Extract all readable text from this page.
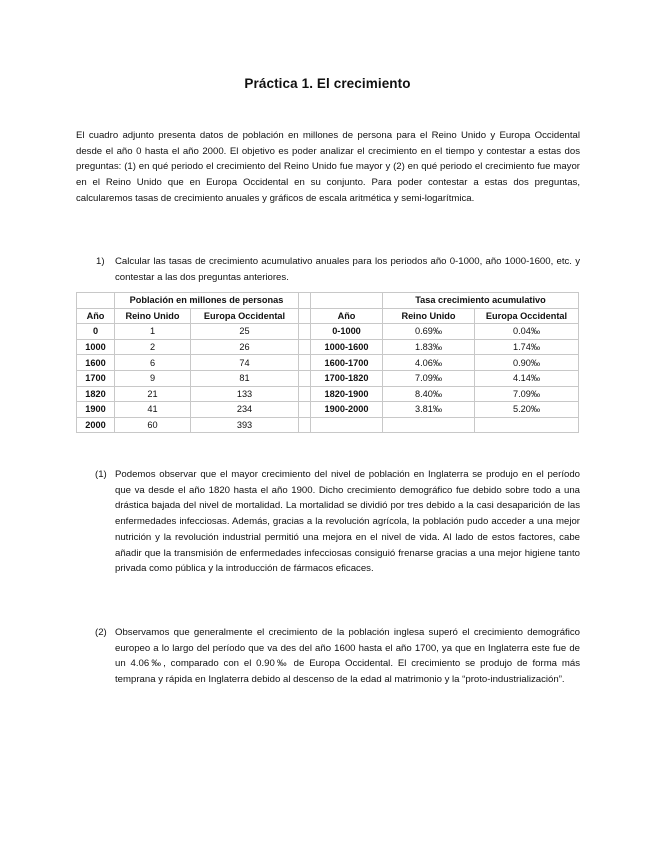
Práctica 1. El crecimiento
El cuadro adjunto presenta datos de población en millones de persona para el Reino Unido y Europa Occidental desde el año 0 hasta el año 2000. El objetivo es poder analizar el crecimiento en el tiempo y contestar a estas dos preguntas: (1) en qué periodo el crecimiento del Reino Unido fue mayor y (2) en qué periodo el crecimiento fue mayor en el Reino Unido que en Europa Occidental en su conjunto. Para poder contestar a estas dos preguntas, calcularemos tasas de crecimiento anuales y gráficos de escala aritmética y semi-logarítmica.
1)	Calcular las tasas de crecimiento acumulativo anuales para los periodos año 0-1000, año 1000-1600, etc. y contestar a las dos preguntas anteriores.
	Población en millones de personas				Tasa crecimiento acumulativo	
Año	Reino Unido	Europa Occidental		Año	Reino Unido	Europa Occidental
0	1	25		0-1000	0.69‰	0.04‰
1000	2	26		1000-1600	1.83‰	1.74‰
1600	6	74		1600-1700	4.06‰	0.90‰
1700	9	81		1700-1820	7.09‰	4.14‰
1820	21	133		1820-1900	8.40‰	7.09‰
1900	41	234		1900-2000	3.81‰	5.20‰
2000	60	393				
(1) Podemos observar que el mayor crecimiento del nivel de población en Inglaterra se produjo en el período que va desde el año 1820 hasta el año 1900. Dicho crecimiento demográfico fue debido sobre todo a una drástica bajada del nivel de mortalidad. La mortalidad se dividió por tres debido a la casi desaparición de las enfermedades infecciosas. Además, gracias a la revolución agrícola, la población pudo acceder a una mejor nutrición y la revolución industrial permitió una mejora en el nivel de vida. Al lado de estos factores, cabe añadir que la transmisión de enfermedades infecciosas consiguió frenarse gracias a una mejor higiene tanto privada como pública y la introducción de fármacos eficaces.
(2) Observamos que generalmente el crecimiento de la población inglesa superó el crecimiento demográfico europeo a lo largo del período que va des del año 1600 hasta el año 1700, ya que en Inglaterra este fue de un 4.06‰, comparado con el 0.90‰ de Europa Occidental. El crecimiento se produjo de forma más temprana y rápida en Inglaterra debido al descenso de la edad al matrimonio y la “proto-industrialización”.
